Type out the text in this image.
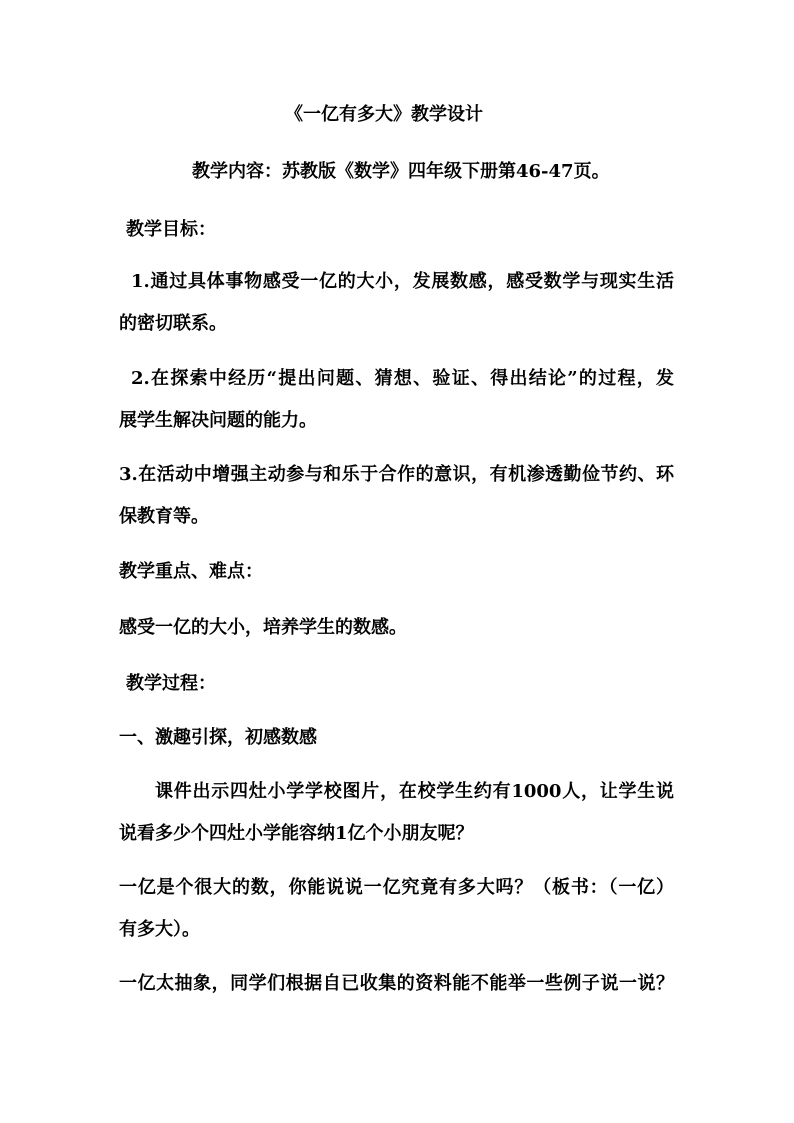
《一亿有多大》教学设计
教学内容：苏教版《数学》四年级下册第46-47页。
教学目标：
1.通过具体事物感受一亿的大小，发展数感，感受数学与现实生活
的密切联系。
2.在探索中经历“提出问题、猜想、验证、得出结论”的过程，发
展学生解决问题的能力。
3.在活动中增强主动参与和乐于合作的意识，有机渗透勤俭节约、环
保教育等。
教学重点、难点：
感受一亿的大小，培养学生的数感。
教学过程：
一、激趣引探，初感数感
课件出示四灶小学学校图片，在校学生约有1000人，让学生说
说看多少个四灶小学能容纳1亿个小朋友呢？
一亿是个很大的数，你能说说一亿究竟有多大吗？（板书：（一亿）
有多大）。
一亿太抽象，同学们根据自已收集的资料能不能举一些例子说一说？
